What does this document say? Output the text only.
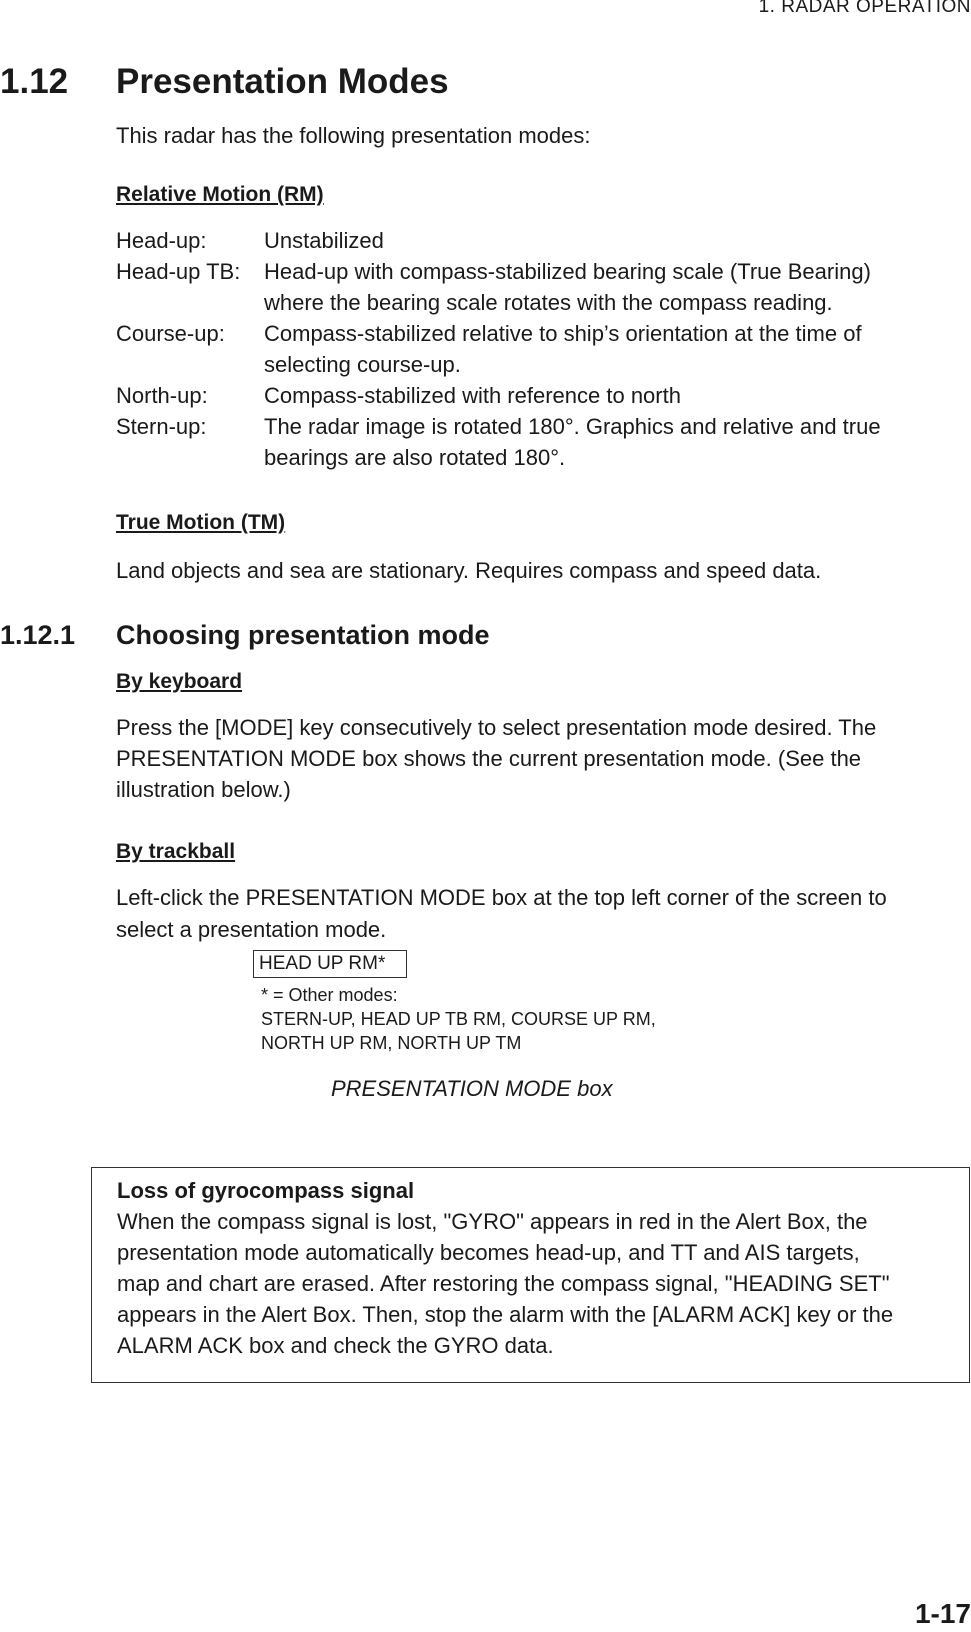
1. RADAR OPERATION
1.12 Presentation Modes
This radar has the following presentation modes:
Relative Motion (RM)
Head-up:	Unstabilized
Head-up TB: Head-up with compass-stabilized bearing scale (True Bearing)
where the bearing scale rotates with the compass reading.
Course-up: Compass-stabilized relative to ship’s orientation at the time of
selecting course-up.
North-up:	Compass-stabilized with reference to north
Stern-up:	The radar image is rotated 180°. Graphics and relative and true
bearings are also rotated 180°.
True Motion (TM)
Land objects and sea are stationary. Requires compass and speed data.
1.12.1 Choosing presentation mode
By keyboard
Press the [MODE] key consecutively to select presentation mode desired. The
PRESENTATION MODE box shows the current presentation mode. (See the
illustration below.)
By trackball
Left-click the PRESENTATION MODE box at the top left corner of the screen to
select a presentation mode.
HEAD UP RM*
* = Other modes:
STERN-UP, HEAD UP TB RM, COURSE UP RM,
NORTH UP RM, NORTH UP TM
PRESENTATION MODE box
Loss of gyrocompass signal
When the compass signal is lost, "GYRO" appears in red in the Alert Box, the
presentation mode automatically becomes head-up, and TT and AIS targets,
map and chart are erased. After restoring the compass signal, "HEADING SET"
appears in the Alert Box. Then, stop the alarm with the [ALARM ACK] key or the
ALARM ACK box and check the GYRO data.
1-17
